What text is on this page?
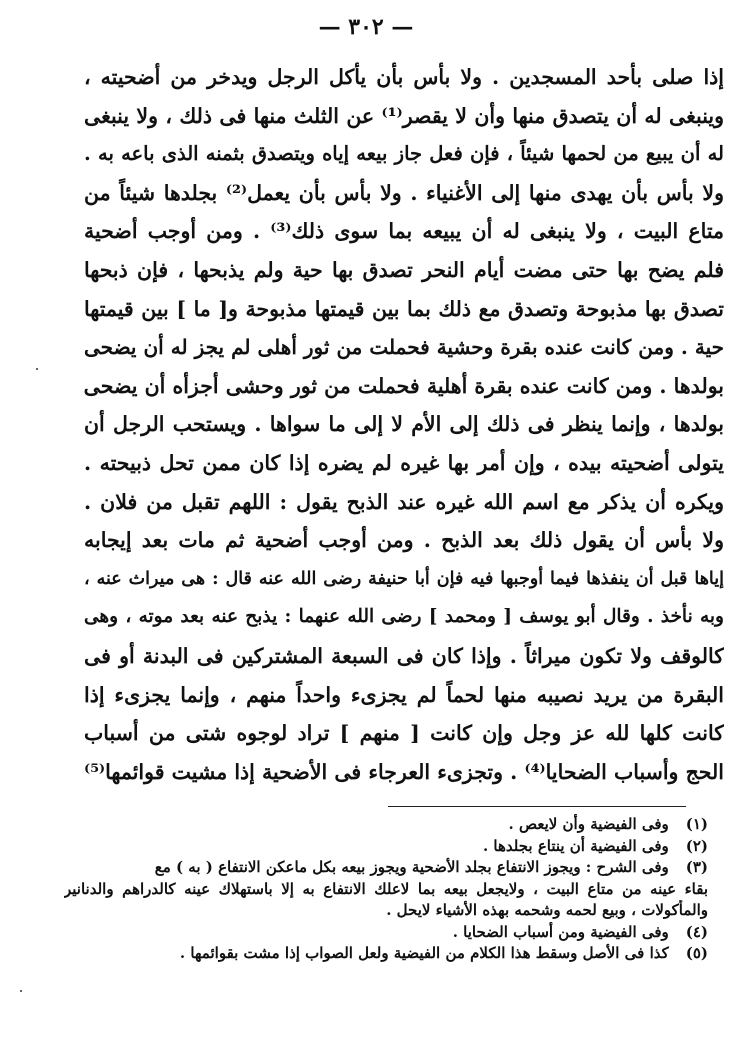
— ٣٠٢ —
إذا صلى بأحد المسجدين . ولا بأس بأن يأكل الرجل ويدخر من أضحيته ،
وينبغى له أن يتصدق منها وأن لا يقصر⁽¹⁾ عن الثلث منها فى ذلك ، ولا ينبغى
له أن يبيع من لحمها شيئاً ، فإن فعل جاز بيعه إياه ويتصدق بثمنه الذى باعه به .
ولا بأس بأن يهدى منها إلى الأغنياء . ولا بأس بأن يعمل⁽²⁾ بجلدها شيئاً من
متاع البيت ، ولا ينبغى له أن يبيعه بما سوى ذلك⁽³⁾ . ومن أوجب أضحية
فلم يضح بها حتى مضت أيام النحر تصدق بها حية ولم يذبحها ، فإن ذبحها
تصدق بها مذبوحة وتصدق مع ذلك بما بين قيمتها مذبوحة و[ ما ] بين قيمتها
حية . ومن كانت عنده بقرة وحشية فحملت من ثور أهلى لم يجز له أن يضحى
بولدها . ومن كانت عنده بقرة أهلية فحملت من ثور وحشى أجزأه أن يضحى
بولدها ، وإنما ينظر فى ذلك إلى الأم لا إلى ما سواها . ويستحب الرجل أن
يتولى أضحيته بيده ، وإن أمر بها غيره لم يضره إذا كان ممن تحل ذبيحته .
ويكره أن يذكر مع اسم الله غيره عند الذبح يقول : اللهم تقبل من فلان .
ولا بأس أن يقول ذلك بعد الذبح . ومن أوجب أضحية ثم مات بعد إيجابه
إياها قبل أن ينفذها فيما أوجبها فيه فإن أبا حنيفة رضى الله عنه قال : هى ميراث عنه ،
وبه نأخذ . وقال أبو يوسف [ ومحمد ] رضى الله عنهما : يذبح عنه بعد موته ، وهى
كالوقف ولا تكون ميراثاً . وإذا كان فى السبعة المشتركين فى البدنة أو فى
البقرة من يريد نصيبه منها لحماً لم يجزىء واحداً منهم ، وإنما يجزىء إذا
كانت كلها لله عز وجل وإن كانت [ منهم ] تراد لوجوه شتى من أسباب
الحج وأسباب الضحايا⁽⁴⁾ . وتجزىء العرجاء فى الأضحية إذا مشيت قوائمها⁽⁵⁾
(١) وفى الفيضية وأن لايعص .
(٢) وفى الفيضية أن ينتاع بجلدها .
(٣) وفى الشرح : ويجوز الانتفاع بجلد الأضحية ويجوز بيعه بكل ماعكن الانتفاع ( به ) مع
بقاء عينه من متاع البيت ، ولايجعل بيعه بما لاعلك الانتفاع به إلا باستهلاك عينه كالدراهم والدنانير
والمأكولات ، وبيع لحمه وشحمه بهذه الأشياء لايحل .
(٤) وفى الفيضية ومن أسباب الضحايا .
(٥) كذا فى الأصل وسقط هذا الكلام من الفيضية ولعل الصواب إذا مشت بقوائمها .
